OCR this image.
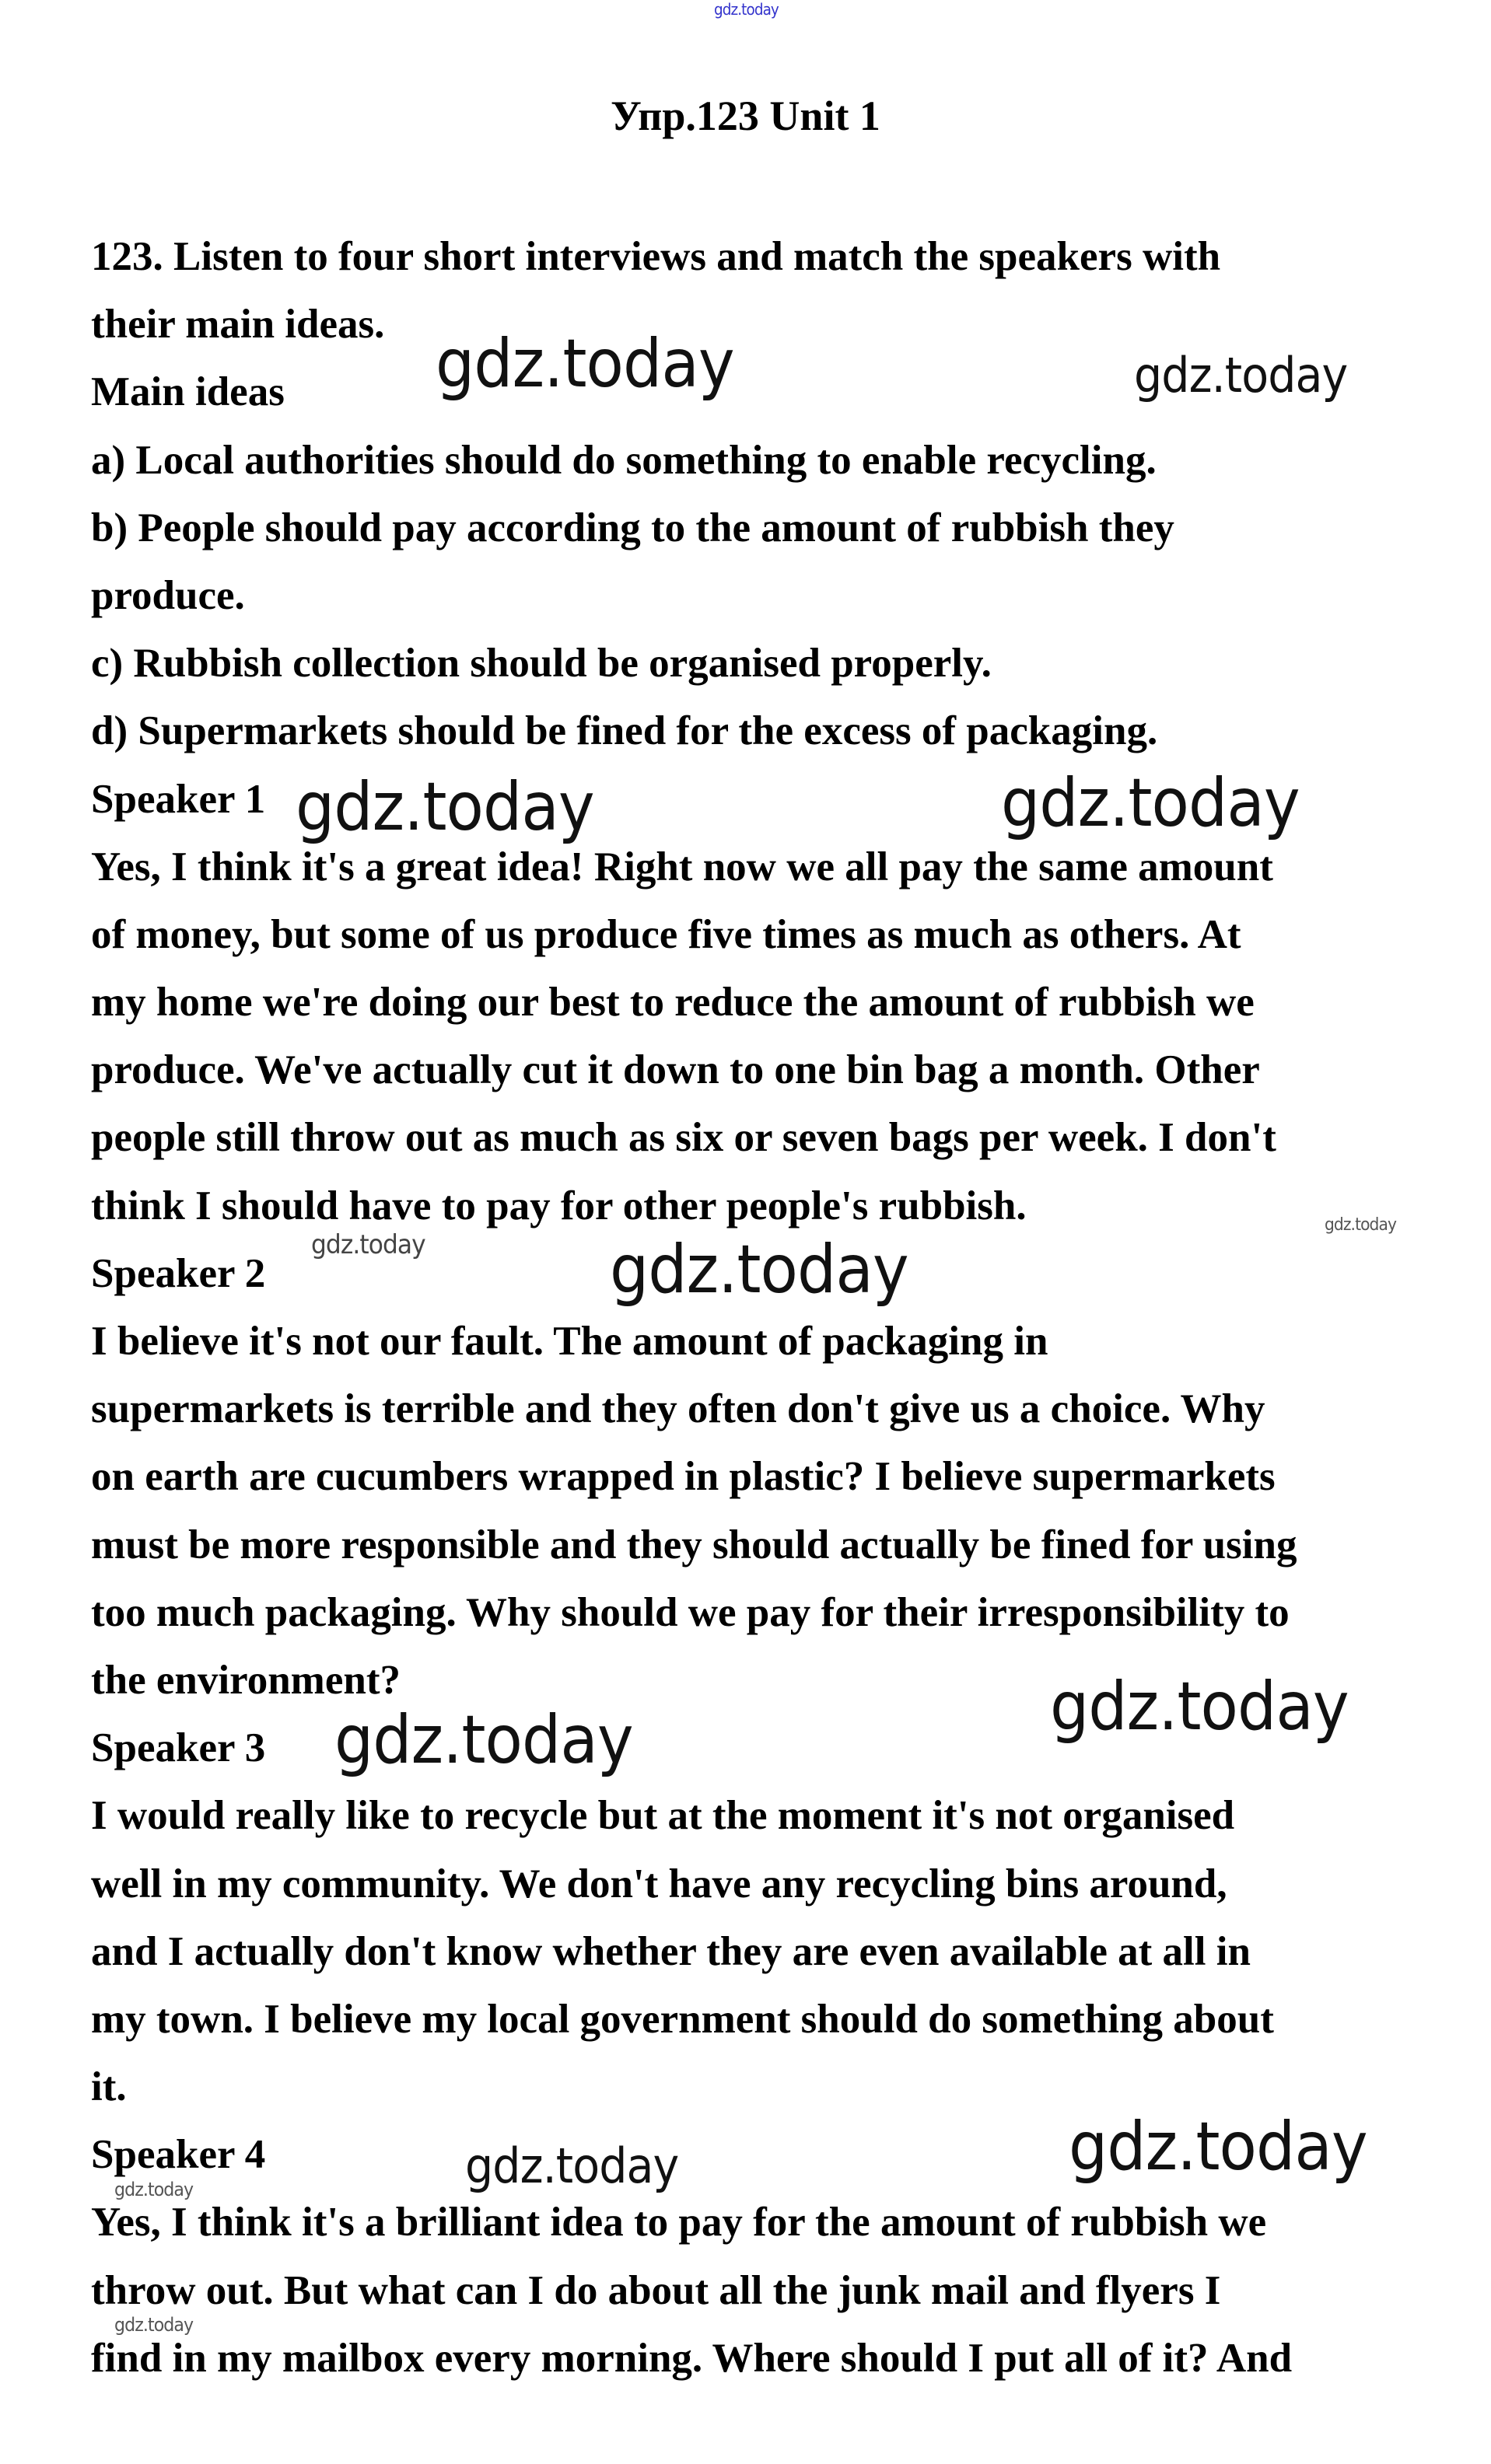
Упр.123 Unit 1
123. Listen to four short interviews and match the speakers with
their main ideas.
Main ideas
a) Local authorities should do something to enable recycling.
b) People should pay according to the amount of rubbish they
produce.
c) Rubbish collection should be organised properly.
d) Supermarkets should be fined for the excess of packaging.
Speaker 1
Yes, I think it's a great idea! Right now we all pay the same amount
of money, but some of us produce five times as much as others. At
my home we're doing our best to reduce the amount of rubbish we
produce. We've actually cut it down to one bin bag a month. Other
people still throw out as much as six or seven bags per week. I don't
think I should have to pay for other people's rubbish.
Speaker 2
I believe it's not our fault. The amount of packaging in
supermarkets is terrible and they often don't give us a choice. Why
on earth are cucumbers wrapped in plastic? I believe supermarkets
must be more responsible and they should actually be fined for using
too much packaging. Why should we pay for their irresponsibility to
the environment?
Speaker 3
I would really like to recycle but at the moment it's not organised
well in my community. We don't have any recycling bins around,
and I actually don't know whether they are even available at all in
my town. I believe my local government should do something about
it.
Speaker 4
Yes, I think it's a brilliant idea to pay for the amount of rubbish we
throw out. But what can I do about all the junk mail and flyers I
find in my mailbox every morning. Where should I put all of it? And
gdz.today
gdz.today	gdz.today
gdz.today	gdz.today
gdz.today
gdz.today	gdz.today
gdz.today
gdz.today
gdz.today	gdz.today
gdz.today
gdz.today
